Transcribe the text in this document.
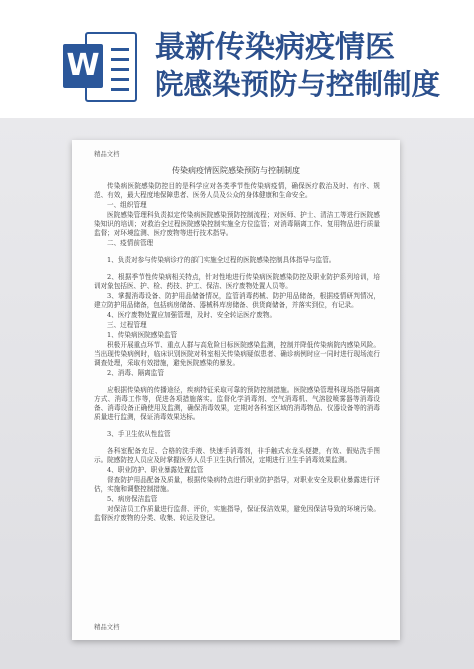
W
最新传染病疫情医
院感染预防与控制制度
精品文档
传染病疫情医院感染预防与控制制度
传染病医院感染防控目的是科学应对各类季节性传染病疫情，确保医疗救治及时、有序、规范、有效，最大程度地保障患者、医务人员及公众的身体健康和生命安全。
一、组织管理
医院感染管理科负责拟定传染病医院感染预防控制流程；对医师、护士、清洁工等进行医院感染知识的培训；对救治全过程医院感染控制实施全方位监管；对消毒隔离工作、复用物品进行质量监督；对环境监测、医疗废物等进行技术指导。
二、疫情前管理
1、负责对参与传染病诊疗的部门实施全过程的医院感染控制具体指导与监管。
2、根据季节性传染病相关特点，针对性地进行传染病医院感染防控及职业防护系列培训，培训对象包括医、护、检、药技、护工、保洁、医疗废物处置人员等。
3、掌握消毒设备、防护用品储备情况，监管消毒药械、防护用品储备，根据疫情研判情况，建立防护用品储备，包括病房储备、器械科库房储备、供货商储备，并落实到位，有记录。
4、医疗废物处置应加强管理，及时、安全转运医疗废物。
三、过程管理
1、传染病医院感染监管
积极开展重点环节、重点人群与高危险目标医院感染监测，控制并降低传染病院内感染风险。当出现传染病例时，临床识别医院对科室相关传染病疑似患者、确诊病例时应一同时进行现场流行调查处理，采取有效措施，避免医院感染的暴发。
2、消毒、隔离监管
应根据传染病的传播途径，疾病特征采取可靠的预防控制措施。医院感染管理科现场指导隔离方式、消毒工作等，促进各项措施落实。监督化学消毒剂、空气消毒机、气溶胶喷雾器等消毒设备、消毒设备正确使用及监测，确保消毒效果，定期对各科室区域的消毒物品、仪器设备等的消毒质量进行监测，保证消毒效果达标。
3、手卫生依从性监管
各科室配备充足、合格的洗手液、快速手消毒剂，非手触式水龙头便捷，有效、假贴洗手图示。院感防控人员应及时掌握医务人员手卫生执行情况，定期进行卫生手消毒效果监测。
4、职业防护、职业暴露处置监管
督查防护用品配备及质量，根据传染病特点进行职业防护指导，对职业安全及职业暴露进行评估，实施和调整控制措施。
5、病房保洁监管
对保洁员工作质量进行监督、评价，实施指导，保证保洁效果，避免因保洁导致的环境污染。监督医疗废物的分类、收集、转运及登记。
精品文档
